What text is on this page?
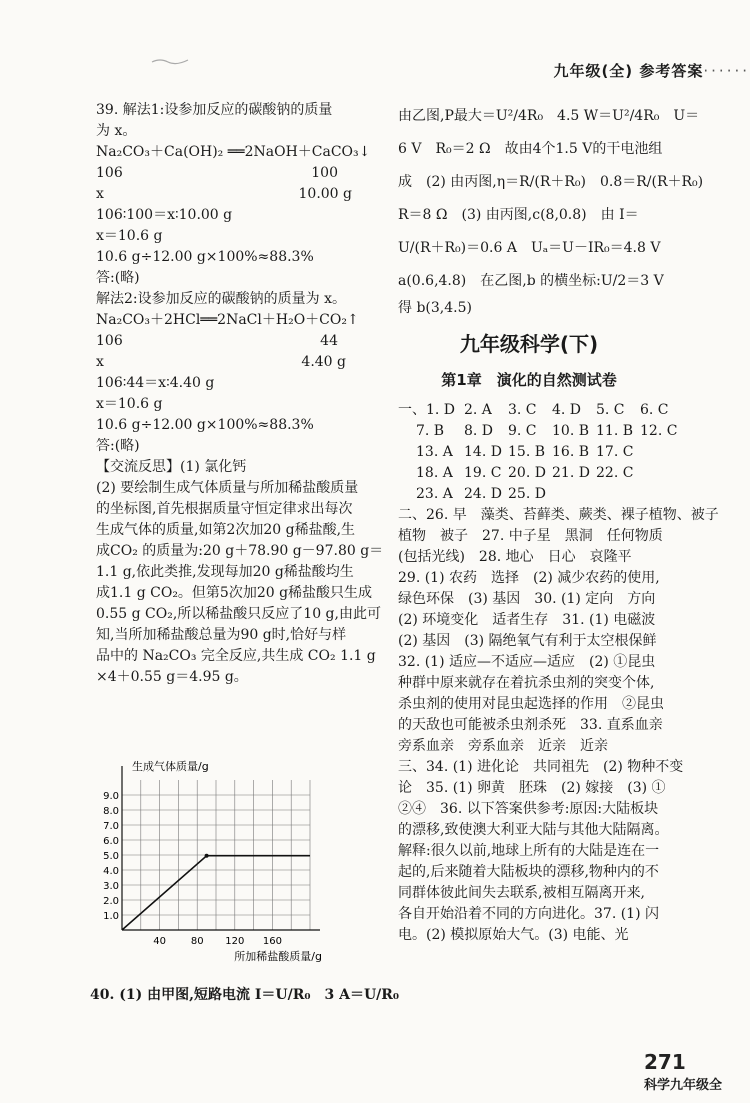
九年级(全) 参考答案······

39. 解法1:设参加反应的碳酸钠的质量

为 x。

Na₂CO₃＋Ca(OH)₂ ══2NaOH＋CaCO₃↓

106	100

x	10.00 g

106∶100＝x∶10.00 g

x＝10.6 g

10.6 g÷12.00 g×100%≈88.3%

答:(略)

解法2:设参加反应的碳酸钠的质量为 x。

Na₂CO₃＋2HCl══2NaCl＋H₂O＋CO₂↑

106	44

x	4.40 g

106∶44＝x∶4.40 g

x＝10.6 g

10.6 g÷12.00 g×100%≈88.3%

答:(略)

【交流反思】(1) 氯化钙

(2) 要绘制生成气体质量与所加稀盐酸质量

的坐标图,首先根据质量守恒定律求出每次

生成气体的质量,如第2次加20 g稀盐酸,生

成CO₂ 的质量为:20 g＋78.90 g－97.80 g＝

1.1 g,依此类推,发现每加20 g稀盐酸均生

成1.1 g CO₂。但第5次加20 g稀盐酸只生成

0.55 g CO₂,所以稀盐酸只反应了10 g,由此可

知,当所加稀盐酸总量为90 g时,恰好与样

品中的 Na₂CO₃ 完全反应,共生成 CO₂ 1.1 g

×4＋0.55 g＝4.95 g。

1.0
2.0
3.0
4.0
5.0
6.0
7.0
8.0
9.0
40 80 120 160
生成气体质量/g
所加稀盐酸质量/g

40. (1) 由甲图,短路电流 I＝U/R₀　3 A＝U/R₀

由乙图,P最大＝U²/4R₀　4.5 W＝U²/4R₀　U＝

6 V　R₀＝2 Ω　故由4个1.5 V的干电池组

成　(2) 由丙图,η＝R/(R＋R₀)　0.8＝R/(R＋R₀)

R＝8 Ω　(3) 由丙图,c(8,0.8)　由 I＝

U/(R＋R₀)＝0.6 A　Uₐ＝U－IR₀＝4.8 V

a(0.6,4.8)　在乙图,b 的横坐标:U/2＝3 V

得 b(3,4.5)

九年级科学(下)

第1章　演化的自然测试卷

一、1. D 2. A 3. C 4. D 5. C 6. C

7. B 8. D 9. C 10. B 11. B 12. C

13. A 14. D 15. B 16. B 17. C

18. A 19. C 20. D 21. D 22. C

23. A 24. D 25. D

二、26. 早　藻类、苔藓类、蕨类、裸子植物、被子

植物　被子　27. 中子星　黑洞　任何物质

(包括光线)　28. 地心　日心　哀隆平

29. (1) 农药　选择　(2) 减少农药的使用,

绿色环保　(3) 基因　30. (1) 定向　方向

(2) 环境变化　适者生存　31. (1) 电磁波

(2) 基因　(3) 隔绝氧气有利于太空根保鲜

32. (1) 适应—不适应—适应　(2) ①昆虫

种群中原来就存在着抗杀虫剂的突变个体,

杀虫剂的使用对昆虫起选择的作用　②昆虫

的天敌也可能被杀虫剂杀死　33. 直系血亲

旁系血亲　旁系血亲　近亲　近亲

三、34. (1) 进化论　共同祖先　(2) 物种不变

论　35. (1) 卵黄　胚珠　(2) 嫁接　(3) ①

②④　36. 以下答案供参考:原因:大陆板块

的漂移,致使澳大利亚大陆与其他大陆隔离。

解释:很久以前,地球上所有的大陆是连在一

起的,后来随着大陆板块的漂移,物种内的不

同群体彼此间失去联系,被相互隔离开来,

各自开始沿着不同的方向进化。37. (1) 闪

电。(2) 模拟原始大气。(3) 电能、光

271
科学九年级全
